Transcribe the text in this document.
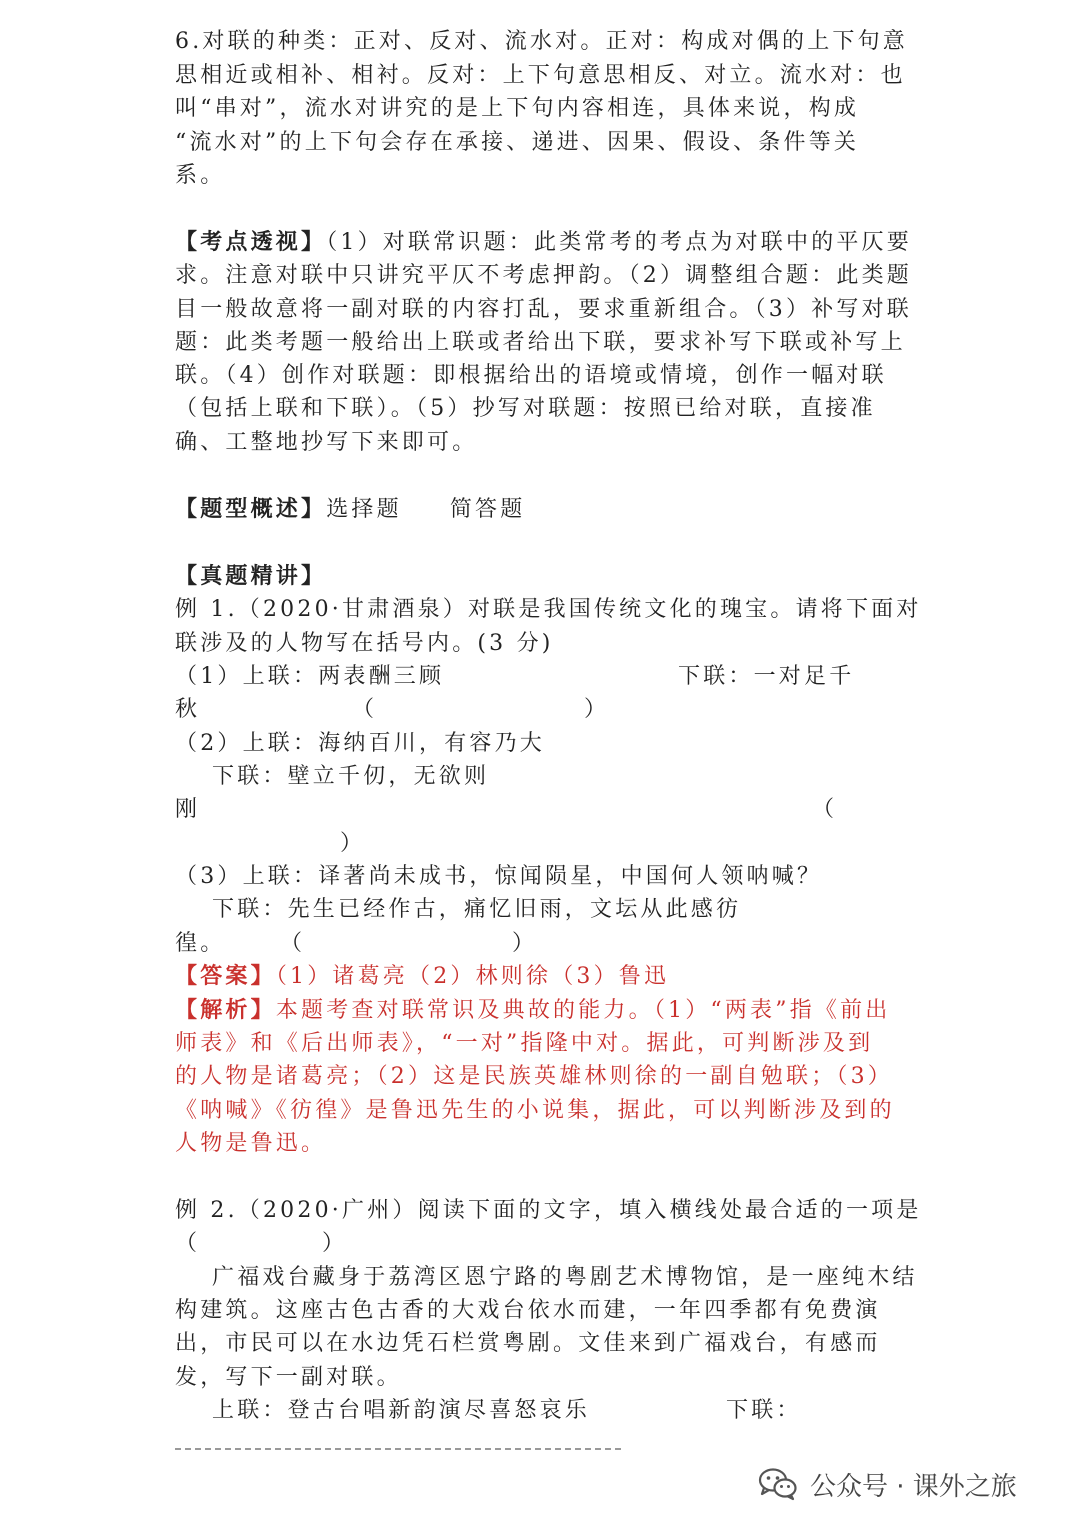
6.对联的种类：正对、反对、流水对。正对：构成对偶的上下句意

思相近或相补、相衬。反对：上下句意思相反、对立。流水对：也

叫“串对”，流水对讲究的是上下句内容相连，具体来说，构成

“流水对”的上下句会存在承接、递进、因果、假设、条件等关

系。

【考点透视】（1）对联常识题：此类常考的考点为对联中的平仄要

求。注意对联中只讲究平仄不考虑押韵。（2）调整组合题：此类题

目一般故意将一副对联的内容打乱，要求重新组合。（3）补写对联

题：此类考题一般给出上联或者给出下联，要求补写下联或补写上

联。（4）创作对联题：即根据给出的语境或情境，创作一幅对联

（包括上联和下联）。（5）抄写对联题：按照已给对联，直接准

确、工整地抄写下来即可。

【题型概述】选择题 简答题

【真题精讲】

例 1.（2020·甘肃酒泉）对联是我国传统文化的瑰宝。请将下面对

联涉及的人物写在括号内。(3 分)

（1）上联：两表酬三顾	下联：一对足千

秋	（	）

（2）上联：海纳百川，有容乃大

下联：壁立千仞，无欲则

刚	（

）

（3）上联：译著尚未成书，惊闻陨星，中国何人领呐喊？

下联：先生已经作古，痛忆旧雨，文坛从此感彷

徨。 （	）

【答案】（1）诸葛亮（2）林则徐（3）鲁迅

【解析】本题考查对联常识及典故的能力。（1）“两表”指《前出

师表》和《后出师表》，“一对”指隆中对。据此，可判断涉及到

的人物是诸葛亮；（2）这是民族英雄林则徐的一副自勉联；（3）

《呐喊》《彷徨》是鲁迅先生的小说集，据此，可以判断涉及到的

人物是鲁迅。

例 2.（2020·广州）阅读下面的文字，填入横线处最合适的一项是

（	）

广福戏台藏身于荔湾区恩宁路的粤剧艺术博物馆，是一座纯木结

构建筑。这座古色古香的大戏台依水而建，一年四季都有免费演

出，市民可以在水边凭石栏赏粤剧。文佳来到广福戏台，有感而

发，写下一副对联。

上联：登古台唱新韵演尽喜怒哀乐	下联：

公众号 · 课外之旅
